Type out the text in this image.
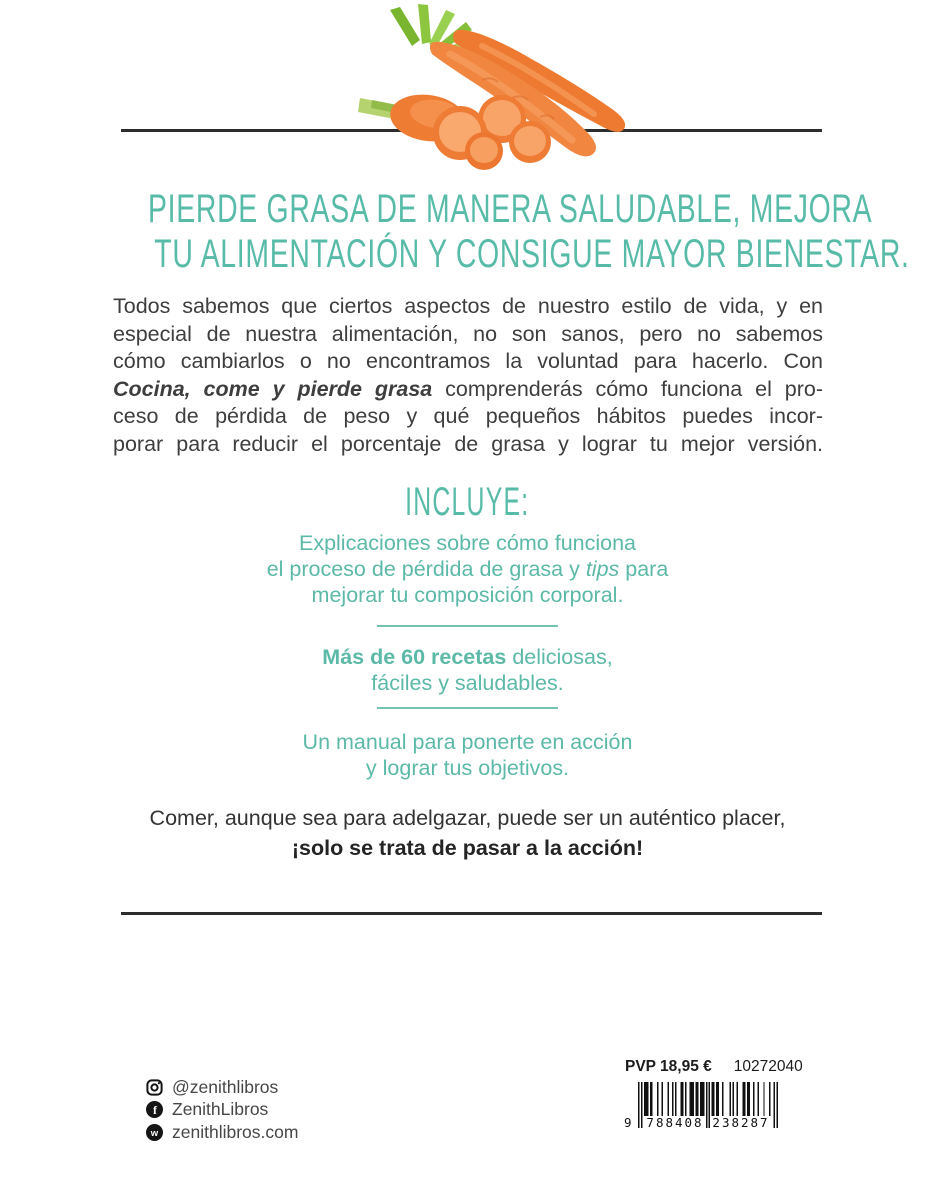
PIERDE GRASA DE MANERA SALUDABLE, MEJORA
TU ALIMENTACIÓN Y CONSIGUE MAYOR BIENESTAR.
Todos sabemos que ciertos aspectos de nuestro estilo de vida, y en
especial de nuestra alimentación, no son sanos, pero no sabemos
cómo cambiarlos o no encontramos la voluntad para hacerlo. Con
Cocina, come y pierde grasa comprenderás cómo funciona el pro-
ceso de pérdida de peso y qué pequeños hábitos puedes incor-
porar para reducir el porcentaje de grasa y lograr tu mejor versión.
INCLUYE:
Explicaciones sobre cómo funciona
el proceso de pérdida de grasa y tips para
mejorar tu composición corporal.
Más de 60 recetas deliciosas,
fáciles y saludables.
Un manual para ponerte en acción
y lograr tus objetivos.
Comer, aunque sea para adelgazar, puede ser un auténtico placer,
¡solo se trata de pasar a la acción!
@zenithlibros
f ZenithLibros
w zenithlibros.com
PVP 18,95 € 10272040
9 788408 238287
